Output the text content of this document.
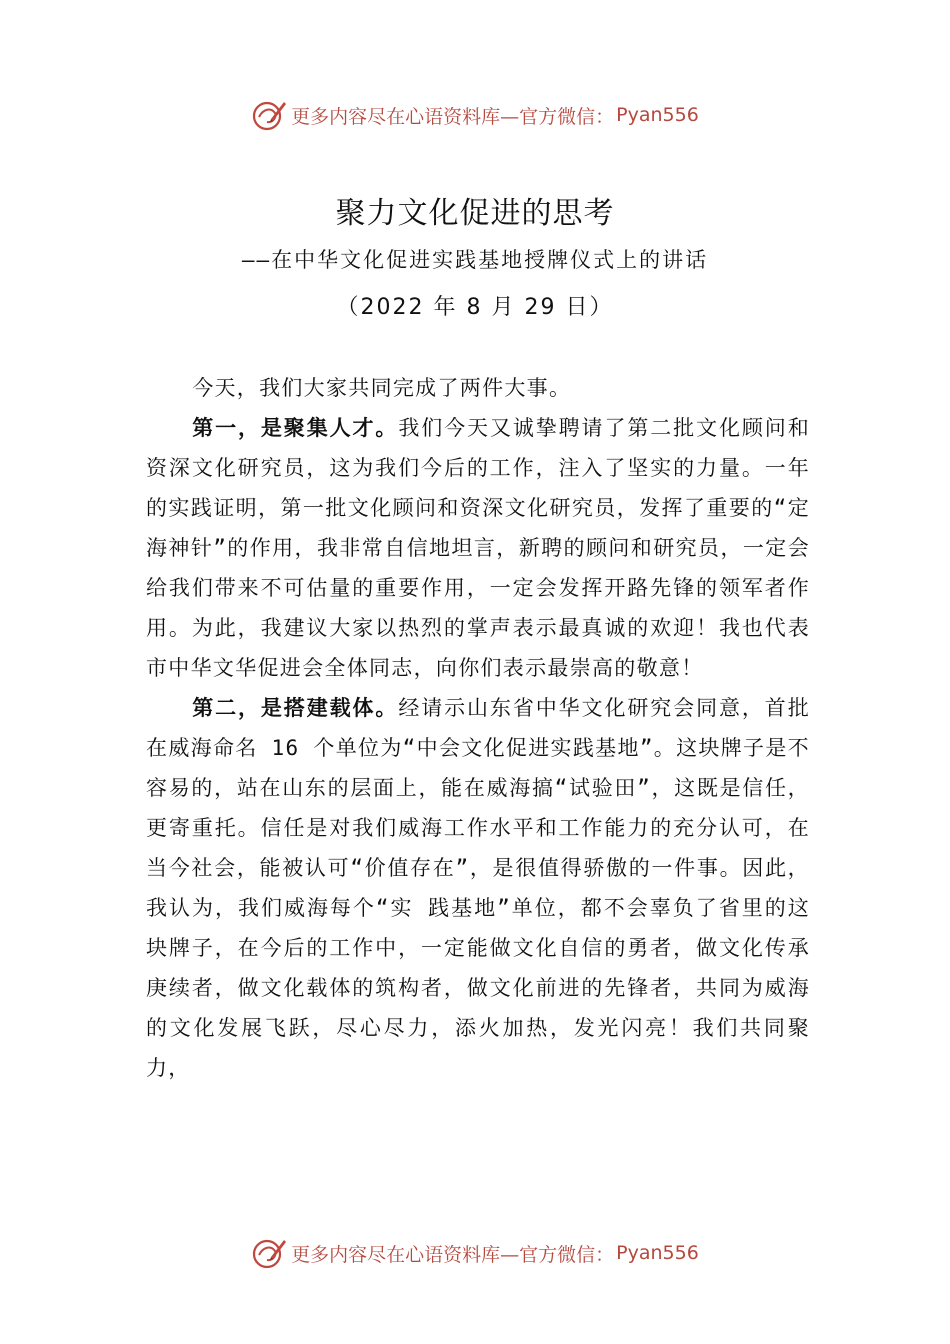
更多内容尽在心语资料库—官方微信： Pyan556
聚力文化促进的思考
——在中华文化促进实践基地授牌仪式上的讲话
（2022 年 8 月 29 日）

今天，我们大家共同完成了两件大事。

第一，是聚集人才。我们今天又诚挚聘请了第二批文化顾问和资深文化研究员，这为我们今后的工作，注入了坚实的力量。一年的实践证明，第一批文化顾问和资深文化研究员，发挥了重要的“定海神针”的作用，我非常自信地坦言，新聘的顾问和研究员，一定会给我们带来不可估量的重要作用，一定会发挥开路先锋的领军者作用。为此，我建议大家以热烈的掌声表示最真诚的欢迎！我也代表市中华文华促进会全体同志，向你们表示最崇高的敬意！

第二，是搭建载体。经请示山东省中华文化研究会同意，首批在威海命名 16 个单位为“中会文化促进实践基地”。这块牌子是不容易的，站在山东的层面上，能在威海搞“试验田”，这既是信任，更寄重托。信任是对我们威海工作水平和工作能力的充分认可，在当今社会，能被认可“价值存在”，是很值得骄傲的一件事。因此，我认为，我们威海每个“实 践基地”单位，都不会辜负了省里的这块牌子，在今后的工作中，一定能做文化自信的勇者，做文化传承庚续者，做文化载体的筑构者，做文化前进的先锋者，共同为威海的文化发展飞跃，尽心尽力，添火加热，发光闪亮！我们共同聚力，

更多内容尽在心语资料库—官方微信： Pyan556
